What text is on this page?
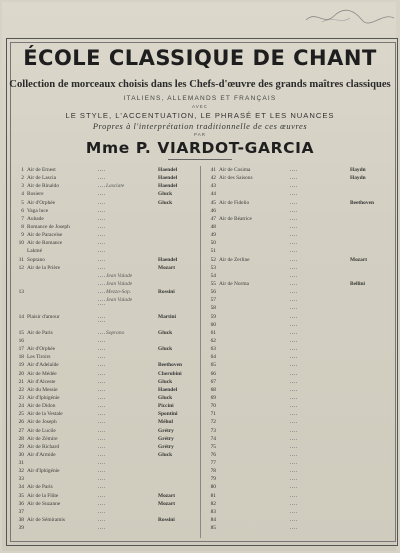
ÉCOLE CLASSIQUE DE CHANT
Collection de morceaux choisis dans les Chefs-d'œuvre des grands maîtres classiques
ITALIENS, ALLEMANDS ET FRANÇAIS
AVEC
LE STYLE, L'ACCENTUATION, LE PHRASÉ ET LES NUANCES
Propres à l'interprétation traditionnelle de ces œuvres
PAR
Mme P. VIARDOT-GARCIA
1 Air de Ernest	Haendel
2 Air de Lascia	Haendel
3 Air de Rinaldo	Lasciate	Haendel
4 Rosiere	Gluck
5 Air d'Orphée	Gluck
6 Vaga luce
7 Aubade
8 Romance de Joseph
9 Air de Paracelse
10 Air de Romance
Lakmé
11 Soprano	Haendel
12 Air de la Prière	Mozart
Jean Valade
Jean Valade
13	Mezzo-Sop.	Rossini
Jean Valade
14 Plaisir d'amour	Martini
15 Air de Paris	Soprano	Gluck
16
17 Air d'Orphée	Gluck
18 Les Tiroirs
19 Air d'Adelaïde	Beethoven
20 Air de Médée	Cherubini
21 Air d'Alceste	Gluck
22 Air du Messie	Haendel
23 Air d'Iphigénie	Gluck
24 Air de Didon	Piccini
25 Air de la Vestale	Spontini
26 Air de Joseph	Méhul
27 Air de Lucile	Grétry
28 Air de Zémire	Grétry
29 Air de Richard	Grétry
30 Air d'Armide	Gluck
31
32 Air d'Iphigénie
33
34 Air de Paris
35 Air de la Flûte	Mozart
36 Air de Suzanne	Mozart
37
38 Air de Sémiramis	Rossini
39
41 Air de Cosima	Haydn
42 Air des Saisons	Haydn
43
44
45 Air de Fidelio	Beethoven
46
47 Air de Béatrice
48
49
50
51
52 Air de Zerline	Mozart
53
54
55 Air de Norma	Bellini
56
57
58
59
60
61
62
63
64
65
66
67
68
69
70
71
72
73
74
75
76
77
78
79
80
81
82
83
84
85
